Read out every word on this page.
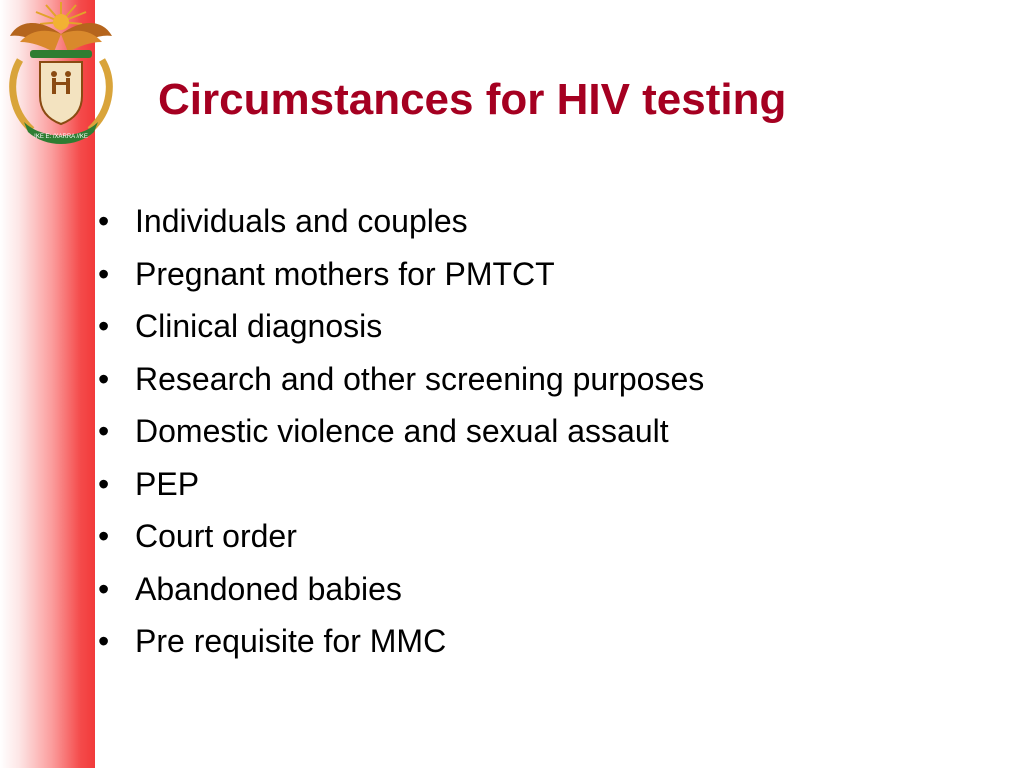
!KE E: /XARRA //KE
Circumstances for HIV testing
• Individuals and couples
• Pregnant mothers for PMTCT
• Clinical diagnosis
• Research and other screening purposes
• Domestic violence and sexual assault
• PEP
• Court order
• Abandoned babies
• Pre requisite for MMC
